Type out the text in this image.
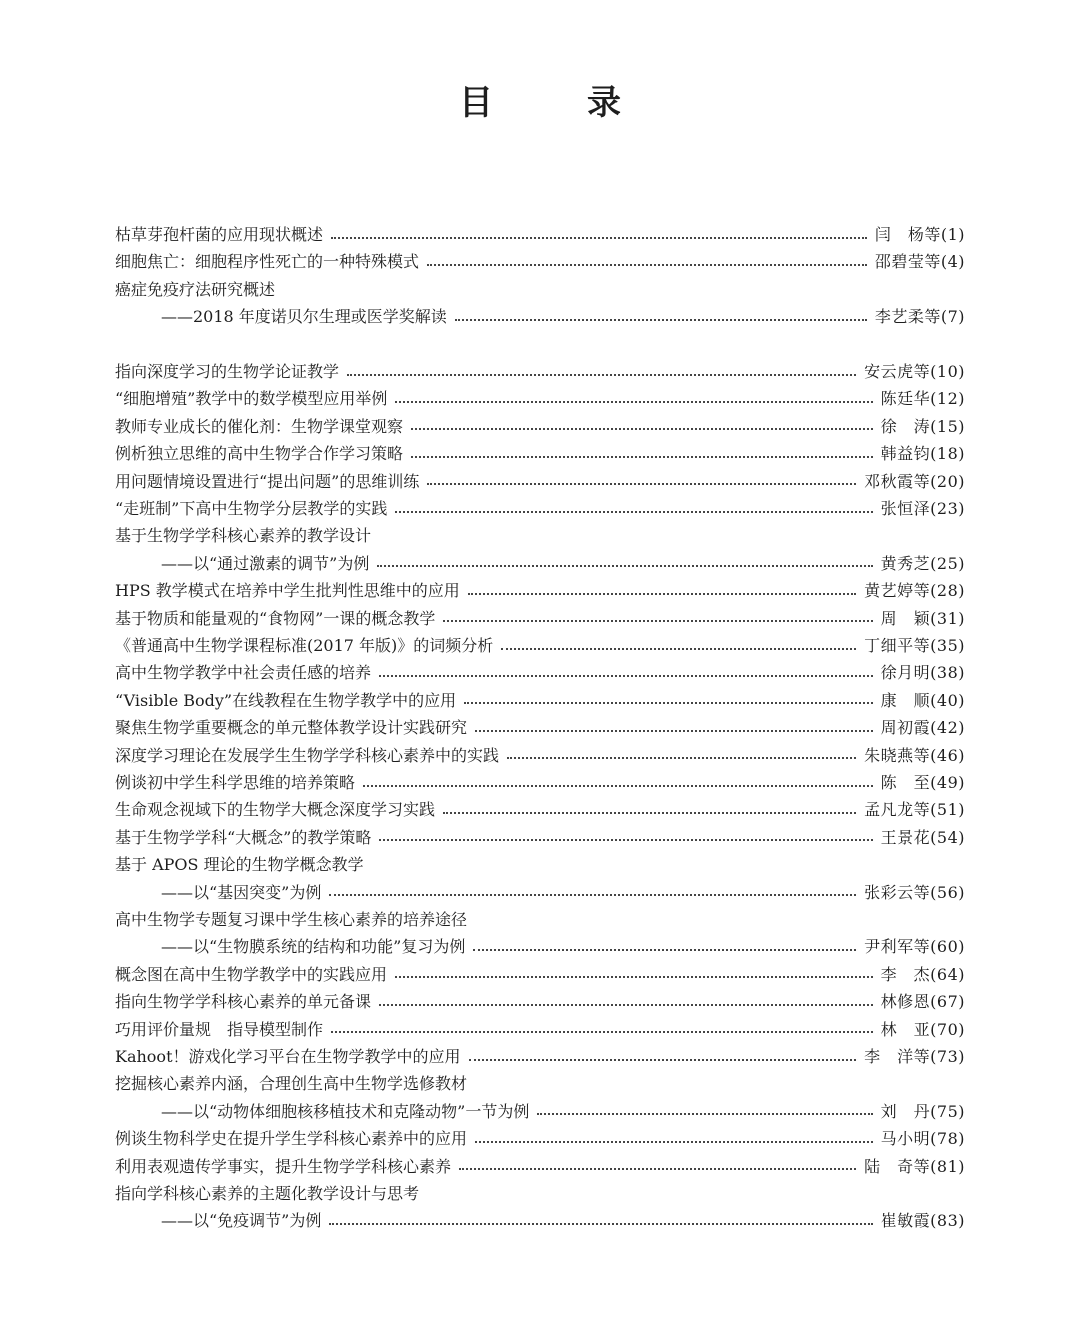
目　录
枯草芽孢杆菌的应用现状概述	闫　杨等(1)
细胞焦亡：细胞程序性死亡的一种特殊模式	邵碧莹等(4)
癌症免疫疗法研究概述
——2018 年度诺贝尔生理或医学奖解读	李艺柔等(7)
指向深度学习的生物学论证教学	安云虎等(10)
“细胞增殖”教学中的数学模型应用举例	陈廷华(12)
教师专业成长的催化剂：生物学课堂观察	徐　涛(15)
例析独立思维的高中生物学合作学习策略	韩益钧(18)
用问题情境设置进行“提出问题”的思维训练	邓秋霞等(20)
“走班制”下高中生物学分层教学的实践	张恒泽(23)
基于生物学学科核心素养的教学设计
——以“通过激素的调节”为例	黄秀芝(25)
HPS 教学模式在培养中学生批判性思维中的应用	黄艺婷等(28)
基于物质和能量观的“食物网”一课的概念教学	周　颖(31)
《普通高中生物学课程标准(2017 年版)》的词频分析	丁细平等(35)
高中生物学教学中社会责任感的培养	徐月明(38)
“Visible Body”在线教程在生物学教学中的应用	康　顺(40)
聚焦生物学重要概念的单元整体教学设计实践研究	周初霞(42)
深度学习理论在发展学生生物学学科核心素养中的实践	朱晓燕等(46)
例谈初中学生科学思维的培养策略	陈　至(49)
生命观念视域下的生物学大概念深度学习实践	孟凡龙等(51)
基于生物学学科“大概念”的教学策略	王景花(54)
基于 APOS 理论的生物学概念教学
——以“基因突变”为例	张彩云等(56)
高中生物学专题复习课中学生核心素养的培养途径
——以“生物膜系统的结构和功能”复习为例	尹利军等(60)
概念图在高中生物学教学中的实践应用	李　杰(64)
指向生物学学科核心素养的单元备课	林修恩(67)
巧用评价量规　指导模型制作	林　亚(70)
Kahoot！游戏化学习平台在生物学教学中的应用	李　洋等(73)
挖掘核心素养内涵，合理创生高中生物学选修教材
——以“动物体细胞核移植技术和克隆动物”一节为例	刘　丹(75)
例谈生物科学史在提升学生学科核心素养中的应用	马小明(78)
利用表观遗传学事实，提升生物学学科核心素养	陆　奇等(81)
指向学科核心素养的主题化教学设计与思考
——以“免疫调节”为例	崔敏霞(83)
